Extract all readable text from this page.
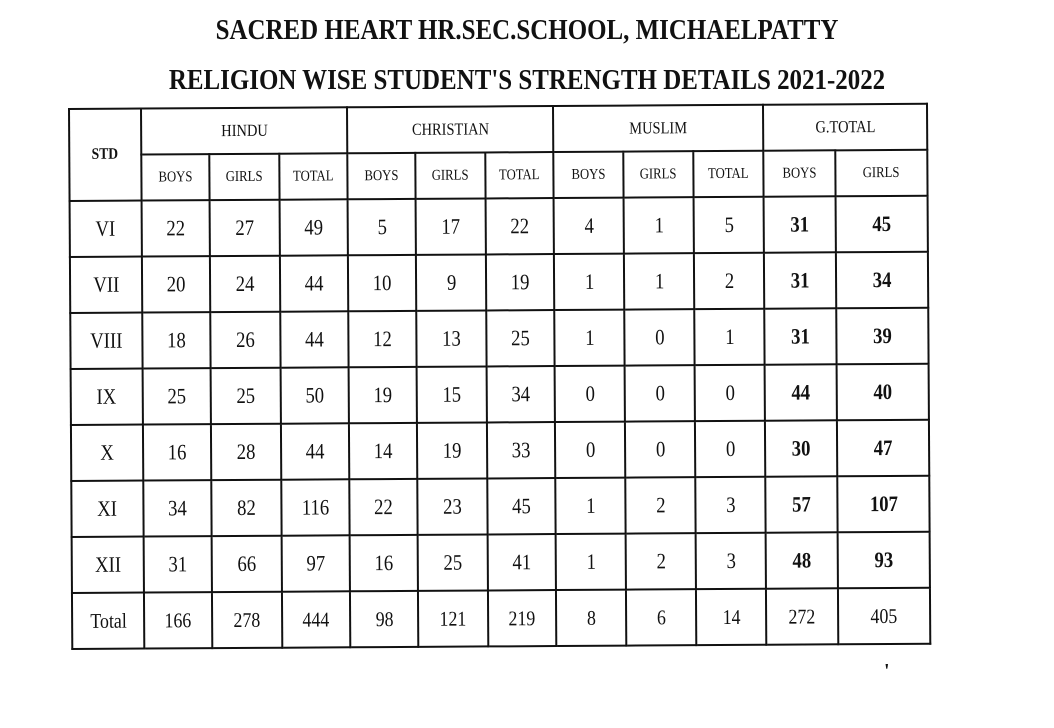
SACRED HEART HR.SEC.SCHOOL, MICHAELPATTY
RELIGION WISE STUDENT'S STRENGTH DETAILS 2021-2022
STD	HINDU			CHRISTIAN			MUSLIM			G.TOTAL	
	BOYS	GIRLS	TOTAL	BOYS	GIRLS	TOTAL	BOYS	GIRLS	TOTAL	BOYS	GIRLS
VI	22	27	49	5	17	22	4	1	5	31	45
VII	20	24	44	10	9	19	1	1	2	31	34
VIII	18	26	44	12	13	25	1	0	1	31	39
IX	25	25	50	19	15	34	0	0	0	44	40
X	16	28	44	14	19	33	0	0	0	30	47
XI	34	82	116	22	23	45	1	2	3	57	107
XII	31	66	97	16	25	41	1	2	3	48	93
Total	166	278	444	98	121	219	8	6	14	272	405
'
